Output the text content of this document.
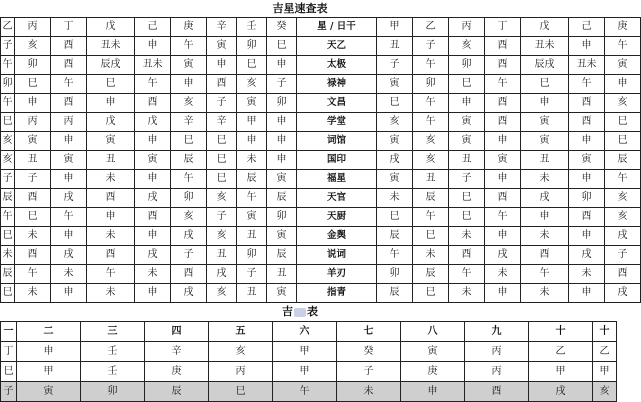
吉星速查表
乙	丙	丁	戊	己	庚	辛	壬	癸	星 / 日干	甲	乙	丙	丁	戊	己	庚
子	亥	酉	丑未	申	午	寅	卯	巳	天乙	丑	子	亥	酉	丑未	申	午
午	卯	酉	辰戌	丑未	寅	申	巳	申	太极	子	午	卯	酉	辰戌	丑未	寅
卯	巳	午	巳	午	申	酉	亥	子	禄神	寅	卯	巳	午	巳	午	申
午	申	酉	申	酉	亥	子	寅	卯	文昌	巳	午	申	酉	申	酉	亥
巳	丙	丙	戊	戊	辛	辛	甲	申	学堂	亥	午	寅	酉	寅	酉	巳
亥	寅	申	寅	申	巳	巳	申	申	词馆	寅	亥	寅	申	寅	申	巳
亥	丑	寅	丑	寅	辰	巳	未	申	国印	戌	亥	丑	寅	丑	寅	辰
子	子	申	未	申	午	巳	辰	寅	福星	寅	丑	子	申	未	申	午
辰	酉	戌	酉	戌	卯	亥	午	辰	天官	未	辰	巳	酉	戌	卯	亥
午	巳	午	申	酉	亥	子	寅	卯	天厨	巳	午	巳	午	申	酉	亥
巳	未	申	未	申	戌	亥	丑	寅	金舆	辰	巳	未	申	未	申	戌
未	酉	戌	酉	戌	子	丑	卯	辰	说词	午	未	酉	戌	酉	戌	子
辰	午	未	午	未	酉	戌	子	丑	羊刃	卯	辰	午	未	午	未	酉
巳	未	申	未	申	戌	亥	丑	寅	指青	辰	巳	未	申	未	申	戌
吉 表
一	二	三	四	五	六	七	八	九	十	十
丁	申	壬	辛	亥	甲	癸	寅	丙	乙	乙
巳	甲	壬	庚	丙	甲	子	庚	丙	甲	甲
子	寅	卯	辰	巳	午	未	申	酉	戌	亥
